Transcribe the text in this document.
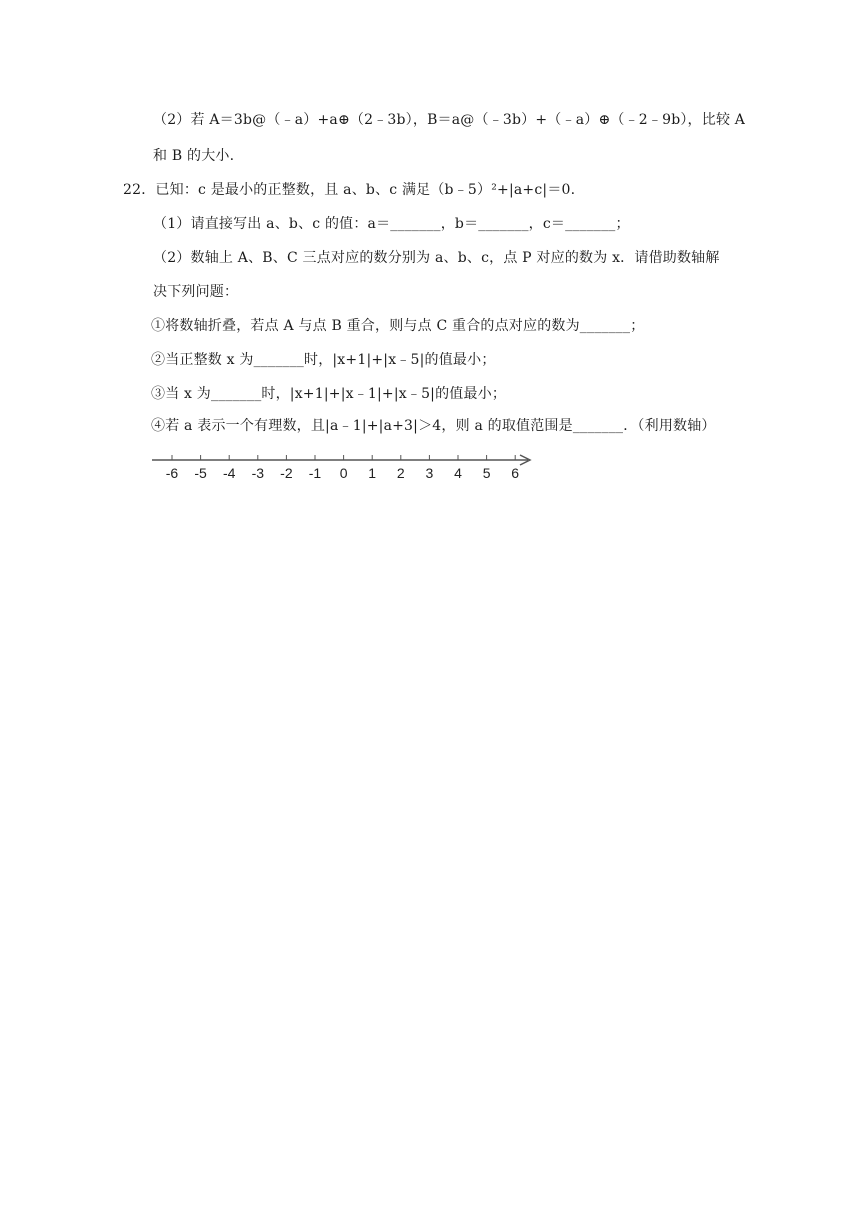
（2）若 A＝3b@（﹣a）+a⊕（2﹣3b），B＝a@（﹣3b）+（﹣a）⊕（﹣2﹣9b），比较 A
和 B 的大小.
22．已知：c 是最小的正整数，且 a、b、c 满足（b﹣5）²+|a+c|＝0.
（1）请直接写出 a、b、c 的值：a＝_______，b＝_______，c＝_______；
（2）数轴上 A、B、C 三点对应的数分别为 a、b、c，点 P 对应的数为 x．请借助数轴解
决下列问题：
①将数轴折叠，若点 A 与点 B 重合，则与点 C 重合的点对应的数为_______；
②当正整数 x 为_______时，|x+1|+|x﹣5|的值最小；
③当 x 为_______时，|x+1|+|x﹣1|+|x﹣5|的值最小；
④若 a 表示一个有理数，且|a﹣1|+|a+3|＞4，则 a 的取值范围是_______．（利用数轴）
-6 -5 -4 -3 -2 -1 0 1 2 3 4 5 6
